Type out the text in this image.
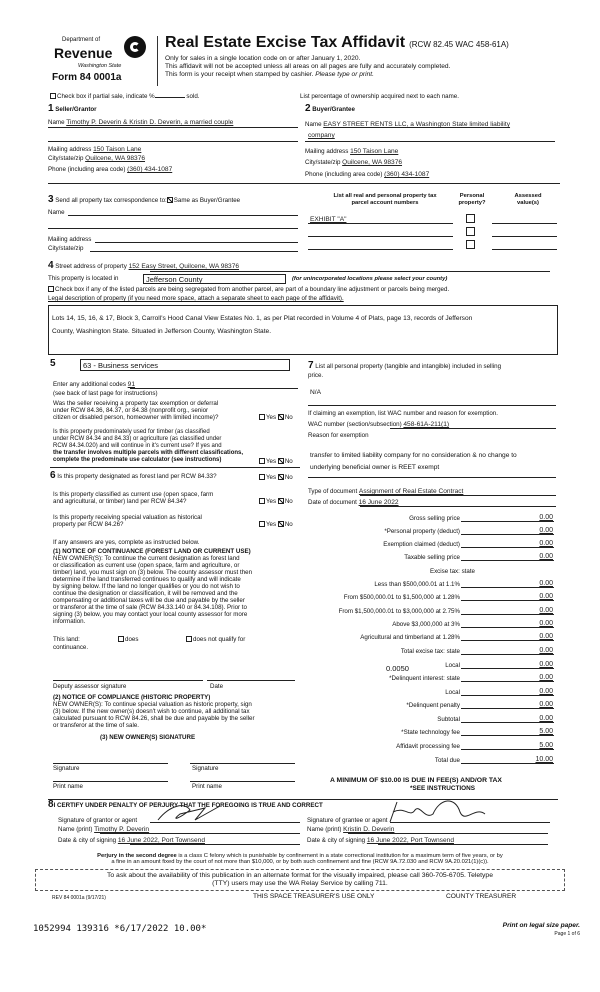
Department of
Revenue
Washington State
Form 84 0001a
Real Estate Excise Tax Affidavit (RCW 82.45 WAC 458-61A)
Only for sales in a single location code on or after January 1, 2020.
This affidavit will not be accepted unless all areas on all pages are fully and accurately completed.
This form is your receipt when stamped by cashier. Please type or print.
Check box if partial sale, indicate %	sold.	List percentage of ownership acquired next to each name.
1 Seller/Grantor
Name Timothy P. Deverin & Kristin D. Deverin, a married couple
Mailing address 150 Taison Lane
City/state/zip Quilcene, WA 98376
Phone (including area code) (360) 434-1087
2 Buyer/Grantee
Name EASY STREET RENTS LLC, a Washington State limited liability
company
Mailing address 150 Taison Lane
City/state/zip Quilcene, WA 98376
Phone (including area code) (360) 434-1087
3 Send all property tax correspondence to: Same as Buyer/Grantee
Name
Mailing address
City/state/zip
List all real and personal property tax
parcel account numbers
Personal
property?
Assessed
value(s)
EXHIBIT "A"
4 Street address of property 152 Easy Street, Quilcene, WA 98376
This property is located in	Jefferson County	(for unincorporated locations please select your county)
Check box if any of the listed parcels are being segregated from another parcel, are part of a boundary line adjustment or parcels being merged.
Legal description of property (if you need more space, attach a separate sheet to each page of the affidavit).
Lots 14, 15, 16, & 17, Block 3, Carroll's Hood Canal View Estates No. 1, as per Plat recorded in Volume 4 of Plats, page 13, records of Jefferson
County, Washington State. Situated in Jefferson County, Washington State.
5	63 - Business services
Enter any additional codes 91
(see back of last page for instructions)
Was the seller receiving a property tax exemption or deferral
under RCW 84.36, 84.37, or 84.38 (nonprofit org., senior
citizen or disabled person, homeowner with limited income)?	Yes No
Is this property predominately used for timber (as classified
under RCW 84.34 and 84.33) or agriculture (as classified under
RCW 84.34.020) and will continue in it's current use? If yes and
the transfer involves multiple parcels with different classifications,
complete the predominate use calculator (see instructions)	Yes No
6 Is this property designated as forest land per RCW 84.33?	Yes No
Is this property classified as current use (open space, farm
and agricultural, or timber) land per RCW 84.34?	Yes No
Is this property receiving special valuation as historical
property per RCW 84.26?	Yes No
If any answers are yes, complete as instructed below.
(1) NOTICE OF CONTINUANCE (FOREST LAND OR CURRENT USE)
NEW OWNER(S): To continue the current designation as forest land
or classification as current use (open space, farm and agriculture, or
timber) land, you must sign on (3) below. The county assessor must then
determine if the land transferred continues to qualify and will indicate
by signing below. If the land no longer qualifies or you do not wish to
continue the designation or classification, it will be removed and the
compensating or additional taxes will be due and payable by the seller
or transferor at the time of sale (RCW 84.33.140 or 84.34.108). Prior to
signing (3) below, you may contact your local county assessor for more
information.
This land:	does	does not qualify for
continuance.
Deputy assessor signature	Date
(2) NOTICE OF COMPLIANCE (HISTORIC PROPERTY)
NEW OWNER(S): To continue special valuation as historic property, sign
(3) below. If the new owner(s) doesn't wish to continue, all additional tax
calculated pursuant to RCW 84.26, shall be due and payable by the seller
or transferor at the time of sale.
(3) NEW OWNER(S) SIGNATURE
Signature	Signature
Print name	Print name
7 List all personal property (tangible and intangible) included in selling
price.
N/A
If claiming an exemption, list WAC number and reason for exemption.
WAC number (section/subsection) 458-61A-211(1)
Reason for exemption
transfer to limited liability company for no consideration & no change to
underlying beneficial owner is REET exempt
Type of document Assignment of Real Estate Contract
Date of document 16 June 2022
Gross selling price	0.00
*Personal property (deduct)	0.00
Exemption claimed (deduct)	0.00
Taxable selling price	0.00
Excise tax: state
Less than $500,000.01 at 1.1%	0.00
From $500,000.01 to $1,500,000 at 1.28%	0.00
From $1,500,000.01 to $3,000,000 at 2.75%	0.00
Above $3,000,000 at 3%	0.00
Agricultural and timberland at 1.28%	0.00
Total excise tax: state	0.00
Local	0.00
*Delinquent interest: state	0.00
Local	0.00
*Delinquent penalty	0.00
Subtotal	0.00
*State technology fee	5.00
Affidavit processing fee	5.00
Total due	10.00
0.0050
A MINIMUM OF $10.00 IS DUE IN FEE(S) AND/OR TAX
*SEE INSTRUCTIONS
8I CERTIFY UNDER PENALTY OF PERJURY THAT THE FOREGOING IS TRUE AND CORRECT
Signature of grantor or agent
Name (print) Timothy P. Deverin
Date & city of signing 16 June 2022, Port Townsend
Signature of grantee or agent
Name (print) Kristin D. Deverin
Date & city of signing 16 June 2022, Port Townsend
Perjury in the second degree is a class C felony which is punishable by confinement in a state correctional institution for a maximum term of five years, or by
a fine in an amount fixed by the court of not more than $10,000, or by both such confinement and fine (RCW 9A.72.030 and RCW 9A.20.021(1)(c)).
To ask about the availability of this publication in an alternate format for the visually impaired, please call 360-705-6705. Teletype
(TTY) users may use the WA Relay Service by calling 711.
REV 84 0001a (9/17/21)	THIS SPACE TREASURER'S USE ONLY	COUNTY TREASURER
1052994 139316 *6/17/2022 10.00*	Print on legal size paper.
Page 1 of 6
